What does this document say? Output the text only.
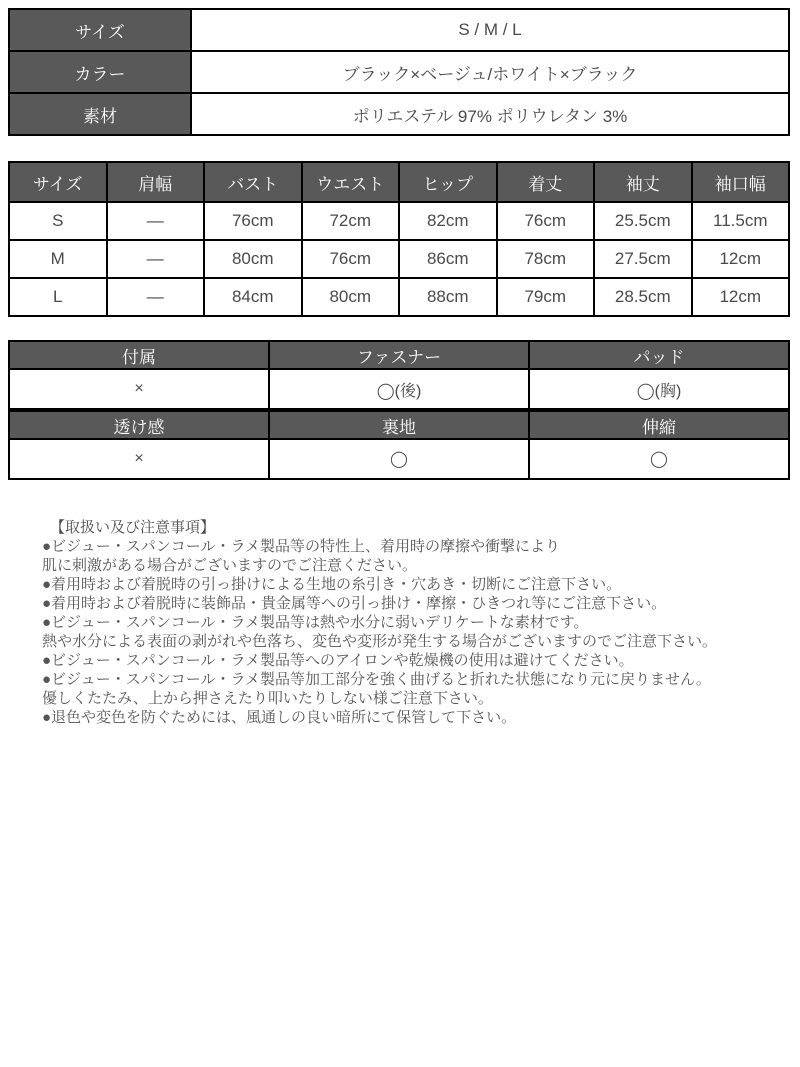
サイズ	S / M / L
カラー	ブラック×ベージュ/ホワイト×ブラック
素材	ポリエステル 97% ポリウレタン 3%
サイズ	肩幅	バスト	ウエスト	ヒップ	着丈	袖丈	袖口幅
S	—	76cm	72cm	82cm	76cm	25.5cm	11.5cm
M	—	80cm	76cm	86cm	78cm	27.5cm	12cm
L	—	84cm	80cm	88cm	79cm	28.5cm	12cm
付属	ファスナー	パッド
×	◯(後)	◯(胸)
透け感	裏地	伸縮
×	◯	◯
【取扱い及び注意事項】
●ビジュー・スパンコール・ラメ製品等の特性上、着用時の摩擦や衝撃により
肌に刺激がある場合がございますのでご注意ください。
●着用時および着脱時の引っ掛けによる生地の糸引き・穴あき・切断にご注意下さい。
●着用時および着脱時に装飾品・貴金属等への引っ掛け・摩擦・ひきつれ等にご注意下さい。
●ビジュー・スパンコール・ラメ製品等は熱や水分に弱いデリケートな素材です。
熱や水分による表面の剥がれや色落ち、変色や変形が発生する場合がございますのでご注意下さい。
●ビジュー・スパンコール・ラメ製品等へのアイロンや乾燥機の使用は避けてください。
●ビジュー・スパンコール・ラメ製品等加工部分を強く曲げると折れた状態になり元に戻りません。
優しくたたみ、上から押さえたり叩いたりしない様ご注意下さい。
●退色や変色を防ぐためには、風通しの良い暗所にて保管して下さい。
